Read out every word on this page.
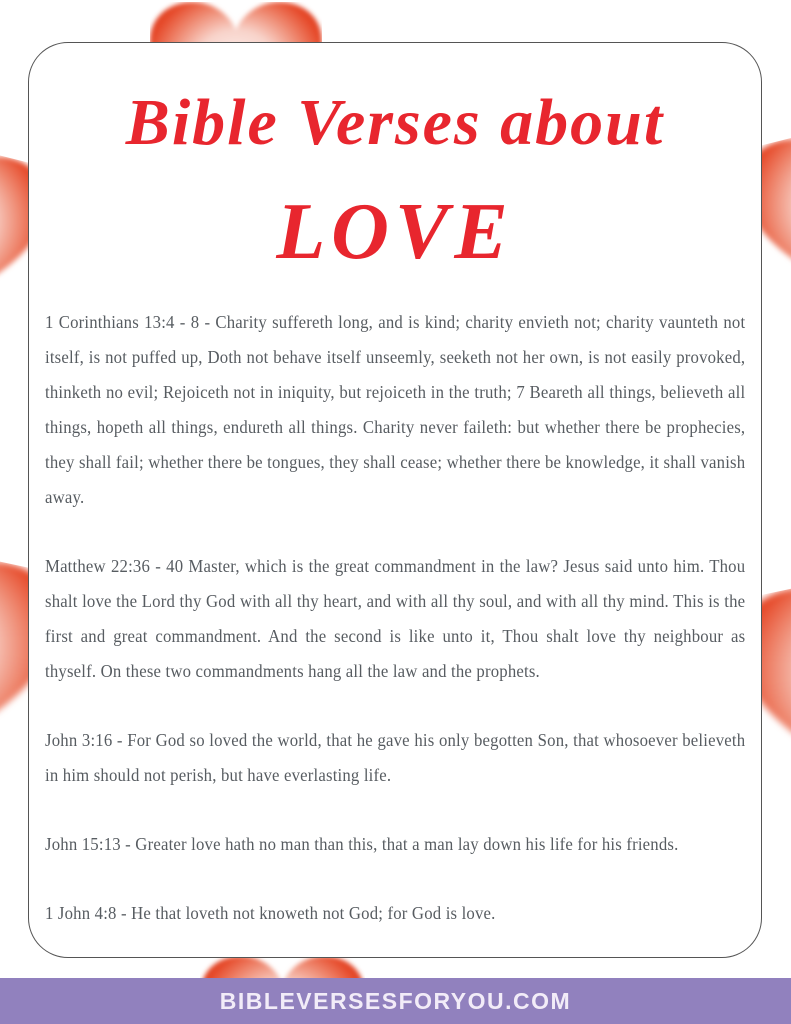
Bible Verses about
LOVE

1 Corinthians 13:4 - 8 - Charity suffereth long, and is kind; charity envieth not; charity vaunteth not itself, is not puffed up, Doth not behave itself unseemly, seeketh not her own, is not easily provoked, thinketh no evil; Rejoiceth not in iniquity, but rejoiceth in the truth; 7 Beareth all things, believeth all things, hopeth all things, endureth all things. Charity never faileth: but whether there be prophecies, they shall fail; whether there be tongues, they shall cease; whether there be knowledge, it shall vanish away.

Matthew 22:36 - 40 Master, which is the great commandment in the law? Jesus said unto him. Thou shalt love the Lord thy God with all thy heart, and with all thy soul, and with all thy mind. This is the first and great commandment. And the second is like unto it, Thou shalt love thy neighbour as thyself. On these two commandments hang all the law and the prophets.

John 3:16 - For God so loved the world, that he gave his only begotten Son, that whosoever believeth in him should not perish, but have everlasting life.

John 15:13 - Greater love hath no man than this, that a man lay down his life for his friends.

1 John 4:8 - He that loveth not knoweth not God; for God is love.

BIBLEVERSESFORYOU.COM
